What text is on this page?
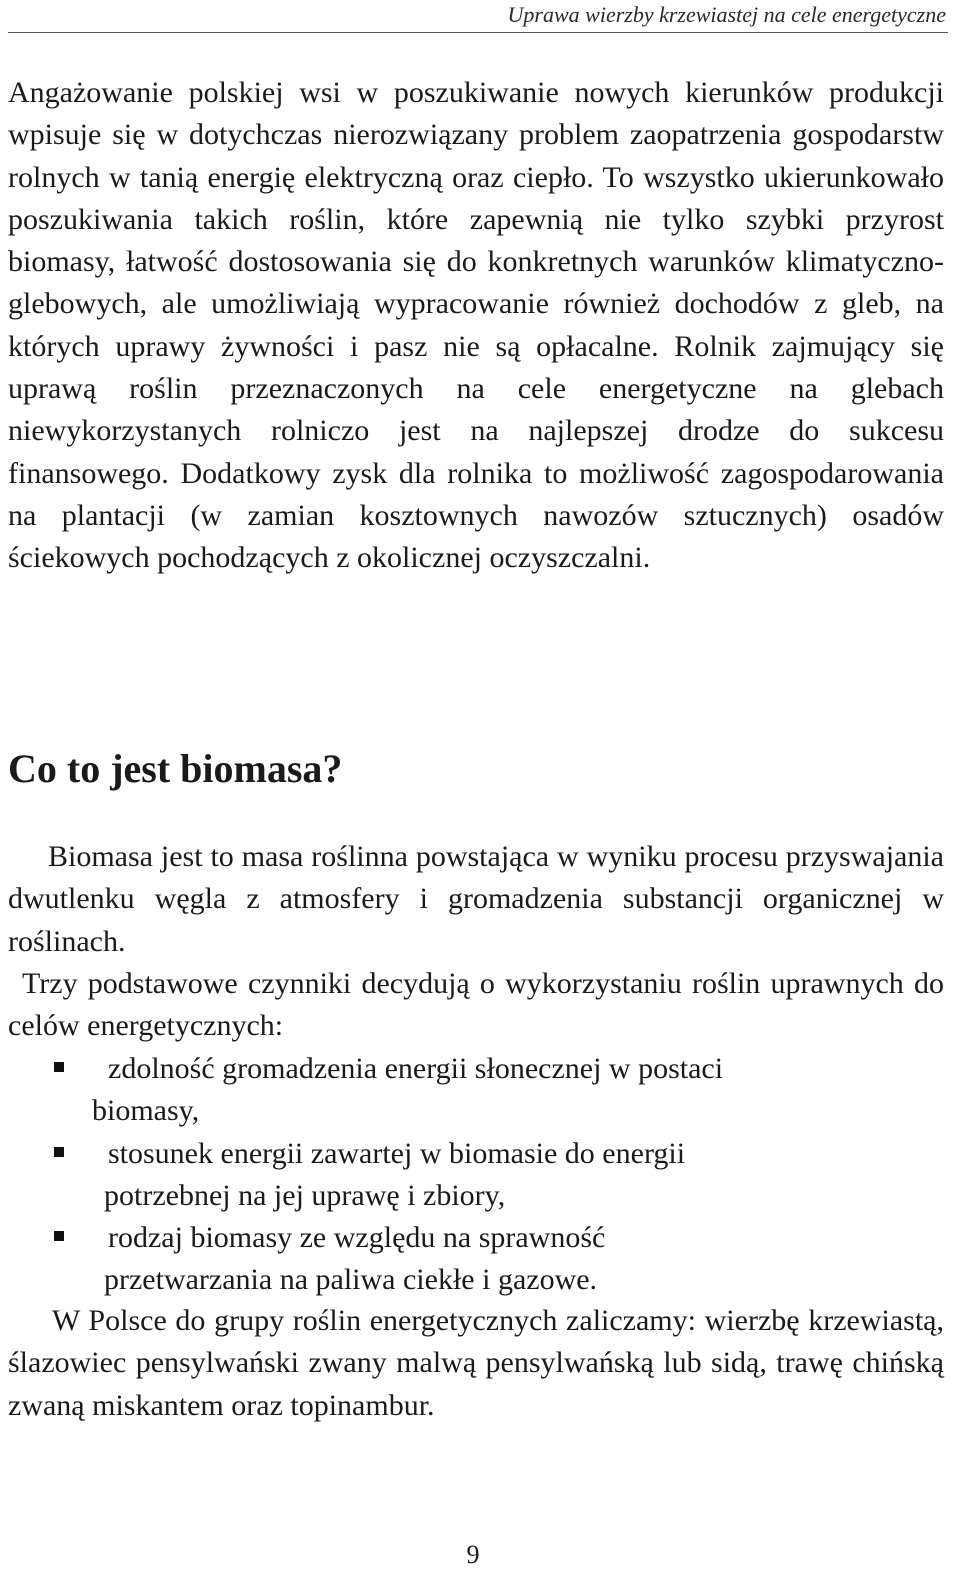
Uprawa wierzby krzewiastej na cele energetyczne

Angażowanie polskiej wsi w poszukiwanie nowych kierunków produkcji wpisuje się w dotychczas nierozwiązany problem zaopatrzenia gospodarstw rolnych w tanią energię elektryczną oraz ciepło. To wszystko ukierunkowało poszukiwania takich roślin, które zapewnią nie tylko szybki przyrost biomasy, łatwość dostosowania się do konkretnych warunków klimatyczno-glebowych, ale umożliwiają wypracowanie również dochodów z gleb, na których uprawy żywności i pasz nie są opłacalne. Rolnik zajmujący się uprawą roślin przeznaczonych na cele energetyczne na glebach niewykorzystanych rolniczo jest na najlepszej drodze do sukcesu finansowego. Dodatkowy zysk dla rolnika to możliwość zagospodarowania na plantacji (w zamian kosztownych nawozów sztucznych) osadów ściekowych pochodzących z okolicznej oczyszczalni.

Co to jest biomasa?

Biomasa jest to masa roślinna powstająca w wyniku procesu przyswajania dwutlenku węgla z atmosfery i gromadzenia substancji organicznej w roślinach.

Trzy podstawowe czynniki decydują o wykorzystaniu roślin uprawnych do celów energetycznych:

zdolność gromadzenia energii słonecznej w postaci
biomasy,
stosunek energii zawartej w biomasie do energii
potrzebnej na jej uprawę i zbiory,
rodzaj biomasy ze względu na sprawność
przetwarzania na paliwa ciekłe i gazowe.

W Polsce do grupy roślin energetycznych zaliczamy: wierzbę krzewiastą, ślazowiec pensylwański zwany malwą pensylwańską lub sidą, trawę chińską zwaną miskantem oraz topinambur.

9
